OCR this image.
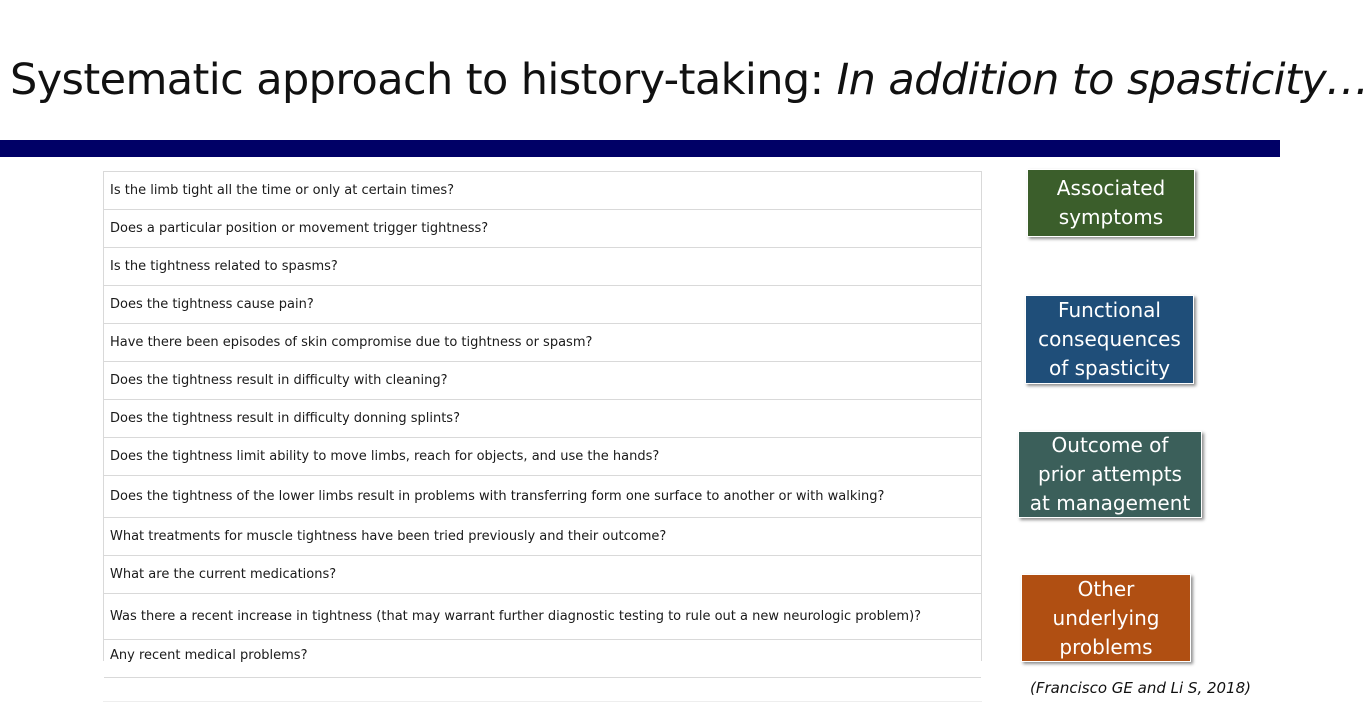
Systematic approach to history-taking: In addition to spasticity…
Is the limb tight all the time or only at certain times?
Does a particular position or movement trigger tightness?
Is the tightness related to spasms?
Does the tightness cause pain?
Have there been episodes of skin compromise due to tightness or spasm?
Does the tightness result in difficulty with cleaning?
Does the tightness result in difficulty donning splints?
Does the tightness limit ability to move limbs, reach for objects, and use the hands?
Does the tightness of the lower limbs result in problems with transferring form one surface to another or with walking?
What treatments for muscle tightness have been tried previously and their outcome?
What are the current medications?
Was there a recent increase in tightness (that may warrant further diagnostic testing to rule out a new neurologic problem)?
Any recent medical problems?
Associated
symptoms
Functional
consequences
of spasticity
Outcome of
prior attempts
at management
Other
underlying
problems
(Francisco GE and Li S, 2018)
